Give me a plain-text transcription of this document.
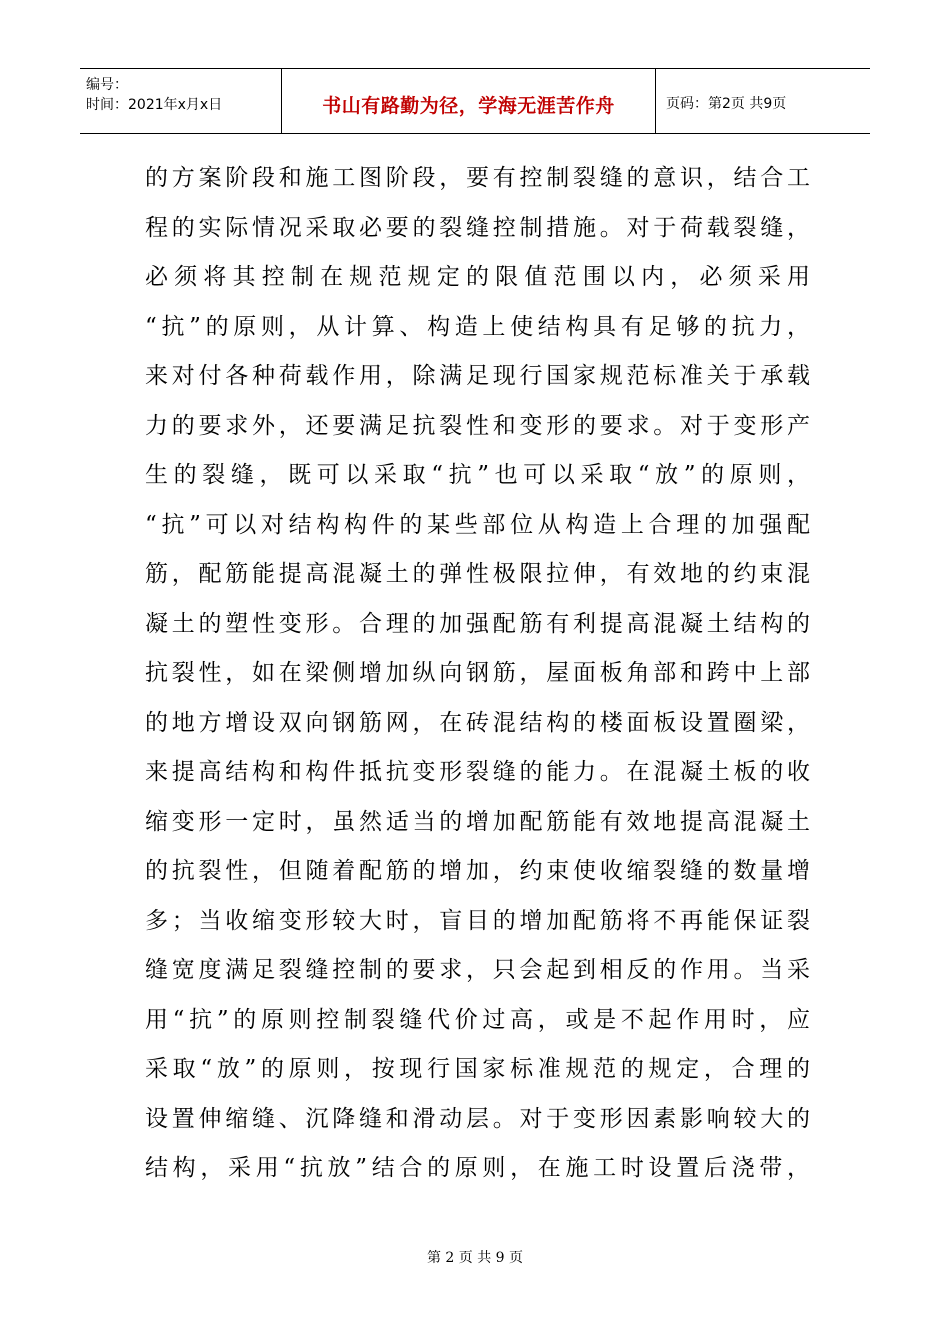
编号：
时间：2021年x月x日	书山有路勤为径，学海无涯苦作舟	页码：第2页 共9页
的方案阶段和施工图阶段，要有控制裂缝的意识，结合工
程的实际情况采取必要的裂缝控制措施。对于荷载裂缝，
必须将其控制在规范规定的限值范围以内，必须采用
“抗”的原则，从计算、构造上使结构具有足够的抗力，
来对付各种荷载作用，除满足现行国家规范标准关于承载
力的要求外，还要满足抗裂性和变形的要求。对于变形产
生的裂缝，既可以采取“抗”也可以采取“放”的原则，
“抗”可以对结构构件的某些部位从构造上合理的加强配
筋，配筋能提高混凝土的弹性极限拉伸，有效地的约束混
凝土的塑性变形。合理的加强配筋有利提高混凝土结构的
抗裂性，如在梁侧增加纵向钢筋，屋面板角部和跨中上部
的地方增设双向钢筋网，在砖混结构的楼面板设置圈梁，
来提高结构和构件抵抗变形裂缝的能力。在混凝土板的收
缩变形一定时，虽然适当的增加配筋能有效地提高混凝土
的抗裂性，但随着配筋的增加，约束使收缩裂缝的数量增
多；当收缩变形较大时，盲目的增加配筋将不再能保证裂
缝宽度满足裂缝控制的要求，只会起到相反的作用。当采
用“抗”的原则控制裂缝代价过高，或是不起作用时，应
采取“放”的原则，按现行国家标准规范的规定，合理的
设置伸缩缝、沉降缝和滑动层。对于变形因素影响较大的
结构，采用“抗放”结合的原则，在施工时设置后浇带，
第 2 页 共 9 页
